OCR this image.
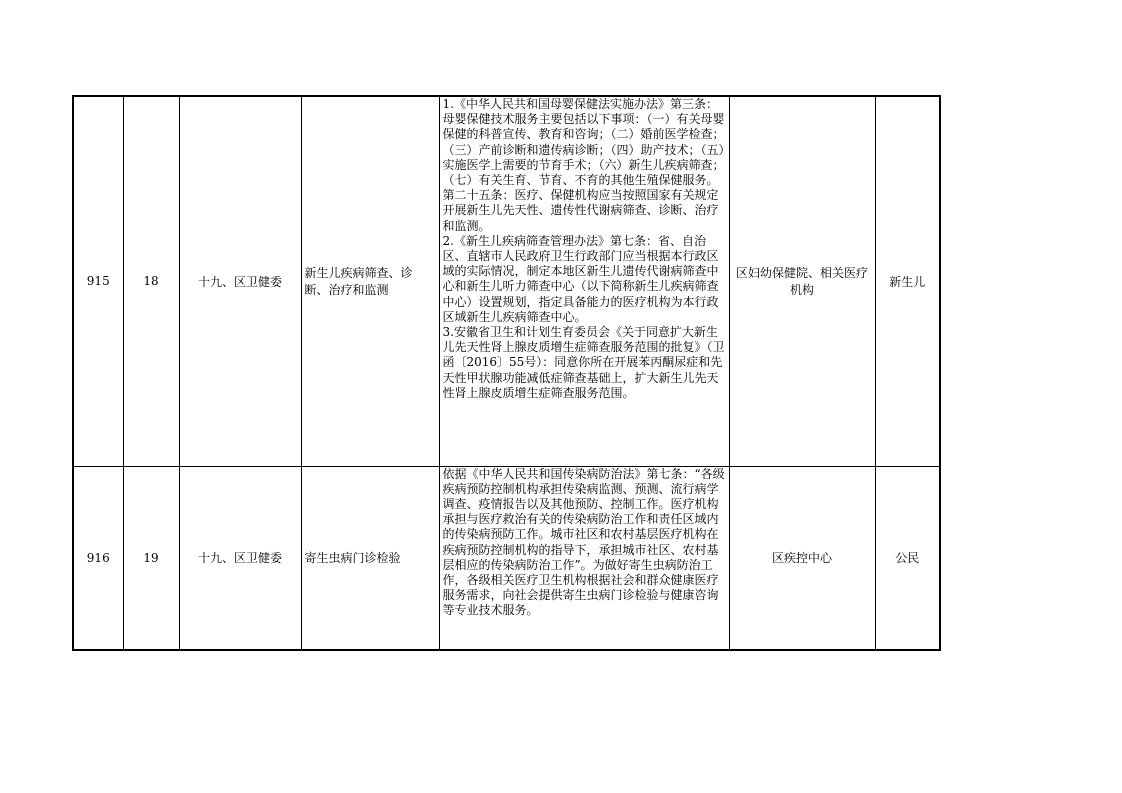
915	18	十九、区卫健委	新生儿疾病筛查、诊断、治疗和监测	1.《中华人民共和国母婴保健法实施办法》第三条：母婴保健技术服务主要包括以下事项：（一）有关母婴保健的科普宣传、教育和咨询；（二）婚前医学检查；（三）产前诊断和遗传病诊断；（四）助产技术；（五）实施医学上需要的节育手术；（六）新生儿疾病筛查；（七）有关生育、节育、不育的其他生殖保健服务。第二十五条：医疗、保健机构应当按照国家有关规定开展新生儿先天性、遗传性代谢病筛查、诊断、治疗和监测。
2.《新生儿疾病筛查管理办法》第七条：省、自治区、直辖市人民政府卫生行政部门应当根据本行政区域的实际情况，制定本地区新生儿遗传代谢病筛查中心和新生儿听力筛查中心（以下简称新生儿疾病筛查中心）设置规划，指定具备能力的医疗机构为本行政区域新生儿疾病筛查中心。
3.安徽省卫生和计划生育委员会《关于同意扩大新生儿先天性肾上腺皮质增生症筛查服务范围的批复》（卫函〔2016〕55号）：同意你所在开展苯丙酮尿症和先天性甲状腺功能减低症筛查基础上，扩大新生儿先天性肾上腺皮质增生症筛查服务范围。	区妇幼保健院、相关医疗机构	新生儿
916	19	十九、区卫健委	寄生虫病门诊检验	依据《中华人民共和国传染病防治法》第七条：“各级疾病预防控制机构承担传染病监测、预测、流行病学调查、疫情报告以及其他预防、控制工作。医疗机构承担与医疗救治有关的传染病防治工作和责任区域内的传染病预防工作。城市社区和农村基层医疗机构在疾病预防控制机构的指导下，承担城市社区、农村基层相应的传染病防治工作”。为做好寄生虫病防治工作，各级相关医疗卫生机构根据社会和群众健康医疗服务需求，向社会提供寄生虫病门诊检验与健康咨询等专业技术服务。	区疾控中心	公民
